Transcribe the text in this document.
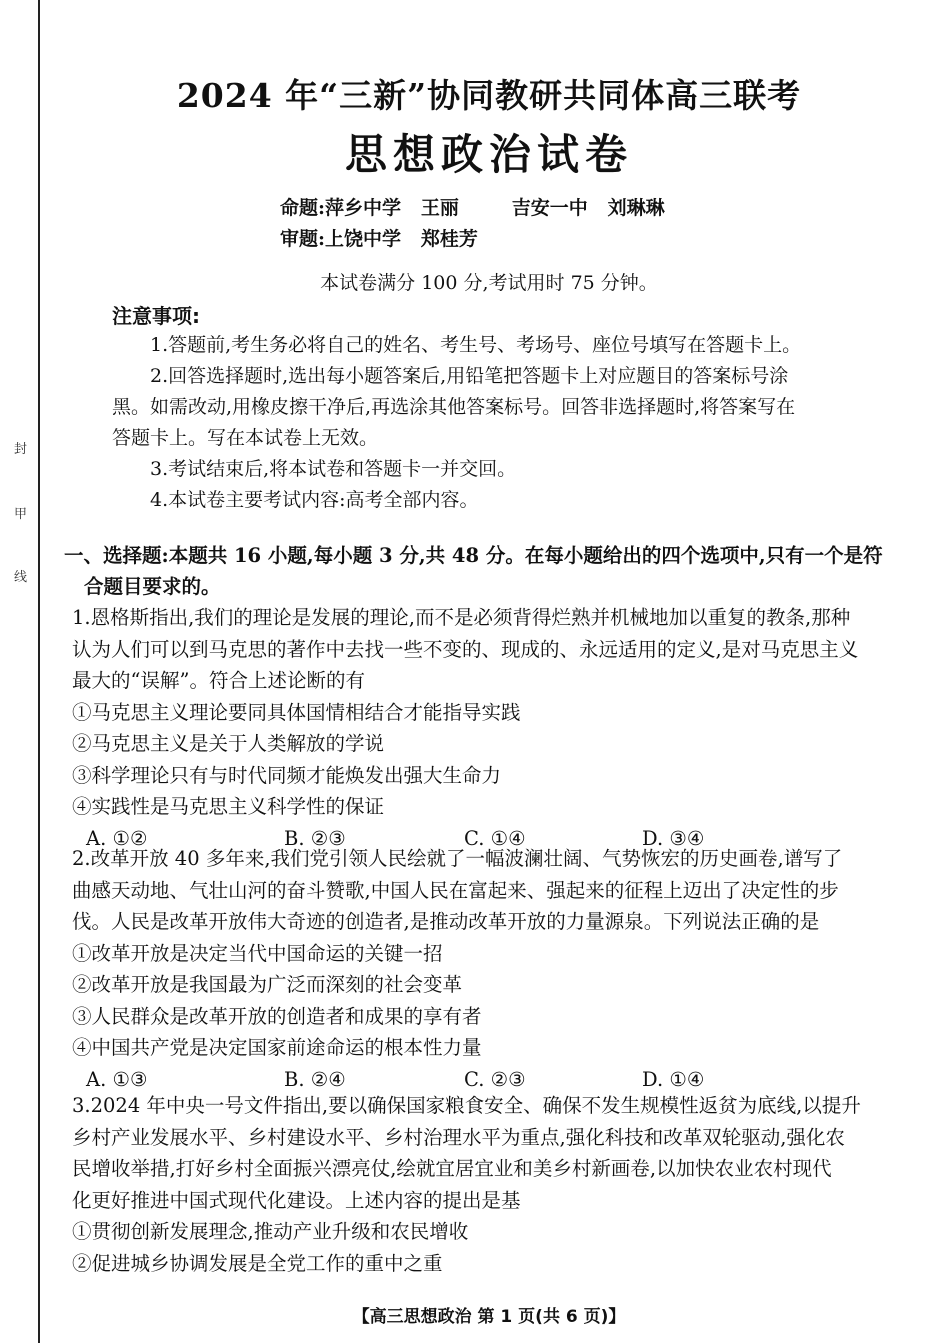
封
甲
线
2024 年“三新”协同教研共同体高三联考
思想政治试卷
命题:萍乡中学   王丽        吉安一中   刘琳琳
审题:上饶中学   郑桂芳
本试卷满分 100 分,考试用时 75 分钟。
注意事项:

1.答题前,考生务必将自己的姓名、考生号、考场号、座位号填写在答题卡上。

2.回答选择题时,选出每小题答案后,用铅笔把答题卡上对应题目的答案标号涂

黑。如需改动,用橡皮擦干净后,再选涂其他答案标号。回答非选择题时,将答案写在

答题卡上。写在本试卷上无效。

3.考试结束后,将本试卷和答题卡一并交回。

4.本试卷主要考试内容:高考全部内容。

一、选择题:本题共 16 小题,每小题 3 分,共 48 分。在每小题给出的四个选项中,只有一个是符
合题目要求的。

1.恩格斯指出,我们的理论是发展的理论,而不是必须背得烂熟并机械地加以重复的教条,那种

认为人们可以到马克思的著作中去找一些不变的、现成的、永远适用的定义,是对马克思主义

最大的“误解”。符合上述论断的有

①马克思主义理论要同具体国情相结合才能指导实践

②马克思主义是关于人类解放的学说

③科学理论只有与时代同频才能焕发出强大生命力

④实践性是马克思主义科学性的保证

A. ①②	B. ②③	C. ①④	D. ③④

2.改革开放 40 多年来,我们党引领人民绘就了一幅波澜壮阔、气势恢宏的历史画卷,谱写了

曲感天动地、气壮山河的奋斗赞歌,中国人民在富起来、强起来的征程上迈出了决定性的步

伐。人民是改革开放伟大奇迹的创造者,是推动改革开放的力量源泉。下列说法正确的是

①改革开放是决定当代中国命运的关键一招

②改革开放是我国最为广泛而深刻的社会变革

③人民群众是改革开放的创造者和成果的享有者

④中国共产党是决定国家前途命运的根本性力量

A. ①③	B. ②④	C. ②③	D. ①④

3.2024 年中央一号文件指出,要以确保国家粮食安全、确保不发生规模性返贫为底线,以提升

乡村产业发展水平、乡村建设水平、乡村治理水平为重点,强化科技和改革双轮驱动,强化农

民增收举措,打好乡村全面振兴漂亮仗,绘就宜居宜业和美乡村新画卷,以加快农业农村现代

化更好推进中国式现代化建设。上述内容的提出是基

①贯彻创新发展理念,推动产业升级和农民增收

②促进城乡协调发展是全党工作的重中之重

【高三思想政治 第 1 页(共 6 页)】
